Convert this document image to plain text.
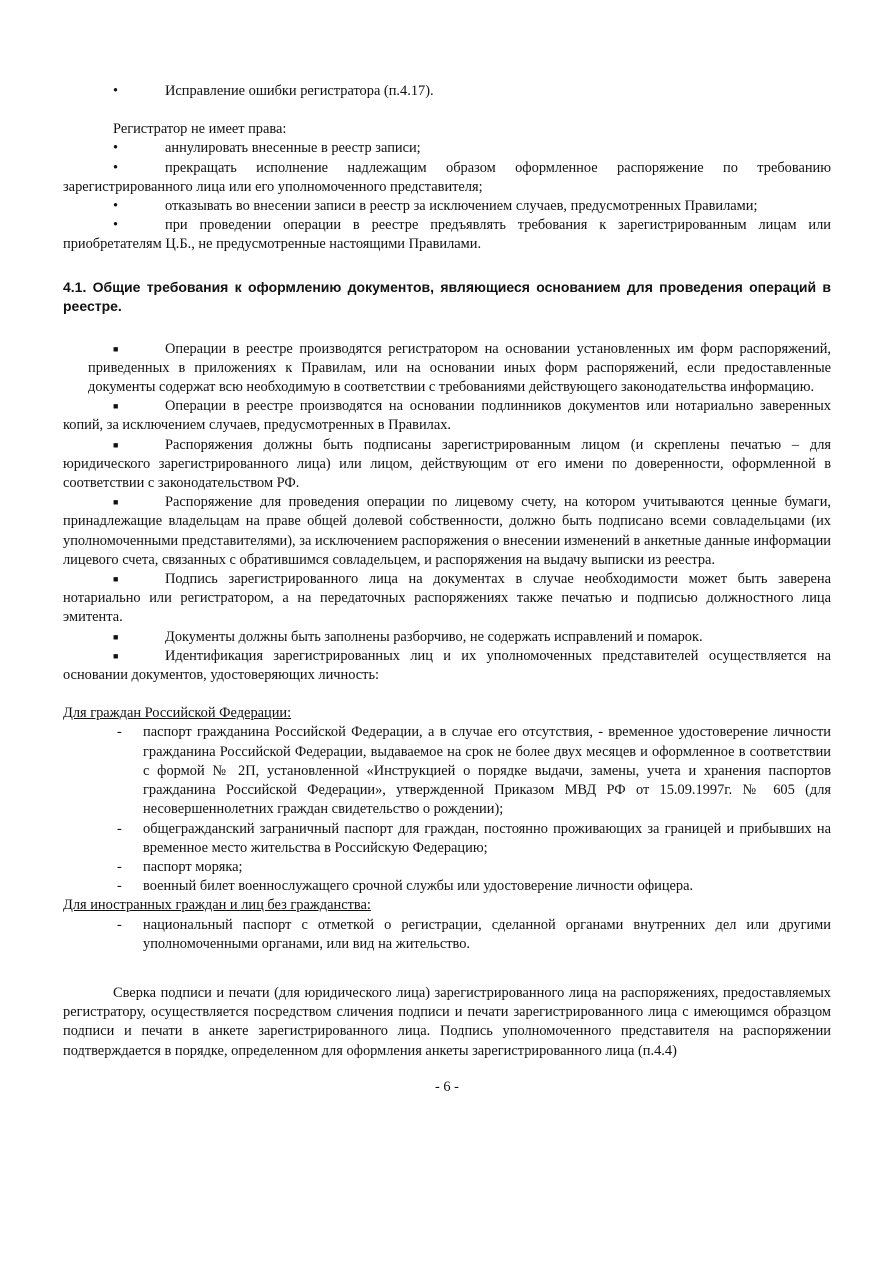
•	Исправление ошибки регистратора (п.4.17).

Регистратор не имеет права:

•	аннулировать внесенные в реестр записи;

•	прекращать исполнение надлежащим образом оформленное распоряжение по требованию зарегистрированного лица или его уполномоченного представителя;

•	отказывать во внесении записи в реестр за исключением случаев, предусмотренных Правилами;

•	при проведении операции в реестре предъявлять требования к зарегистрированным лицам или приобретателям Ц.Б., не предусмотренные настоящими Правилами.

4.1. Общие требования к оформлению документов, являющиеся основанием для проведения операций в реестре.

■	Операции в реестре производятся регистратором на основании установленных им форм распоряжений, приведенных в приложениях к Правилам, или на основании иных форм распоряжений, если предоставленные документы содержат всю необходимую в соответствии с требованиями действующего законодательства информацию.

■	Операции в реестре производятся на основании подлинников документов или нотариально заверенных копий, за исключением случаев, предусмотренных в Правилах.

■	Распоряжения должны быть подписаны зарегистрированным лицом (и скреплены печатью – для юридического зарегистрированного лица) или лицом, действующим от его имени по доверенности, оформленной в соответствии с законодательством РФ.

■	Распоряжение для проведения операции по лицевому счету, на котором учитываются ценные бумаги, принадлежащие владельцам на праве общей долевой собственности, должно быть подписано всеми совладельцами (их уполномоченными представителями), за исключением распоряжения о внесении изменений в анкетные данные информации лицевого счета, связанных с обратившимся совладельцем, и распоряжения на выдачу выписки из реестра.

■	Подпись зарегистрированного лица на документах в случае необходимости может быть заверена нотариально или регистратором, а на передаточных распоряжениях также печатью и подписью должностного лица эмитента.

■	Документы должны быть заполнены разборчиво, не содержать исправлений и помарок.

■	Идентификация зарегистрированных лиц и их уполномоченных представителей осуществляется на основании документов, удостоверяющих личность:

Для граждан Российской Федерации:

- паспорт гражданина Российской Федерации, а в случае его отсутствия, - временное удостоверение личности гражданина Российской Федерации, выдаваемое на срок не более двух месяцев и оформленное в соответствии с формой № 2П, установленной «Инструкцией о порядке выдачи, замены, учета и хранения паспортов гражданина Российской Федерации», утвержденной Приказом МВД РФ от 15.09.1997г. № 605 (для несовершеннолетних граждан свидетельство о рождении);

- общегражданский заграничный паспорт для граждан, постоянно проживающих за границей и прибывших на временное место жительства в Российскую Федерацию;

- паспорт моряка;

- военный билет военнослужащего срочной службы или удостоверение личности офицера.

Для иностранных граждан и лиц без гражданства:

- национальный паспорт с отметкой о регистрации, сделанной органами внутренних дел или другими уполномоченными органами, или вид на жительство.

Сверка подписи и печати (для юридического лица) зарегистрированного лица на распоряжениях, предоставляемых регистратору, осуществляется посредством сличения подписи и печати зарегистрированного лица с имеющимся образцом подписи и печати в анкете зарегистрированного лица. Подпись уполномоченного представителя на распоряжении подтверждается в порядке, определенном для оформления анкеты зарегистрированного лица (п.4.4)

- 6 -
